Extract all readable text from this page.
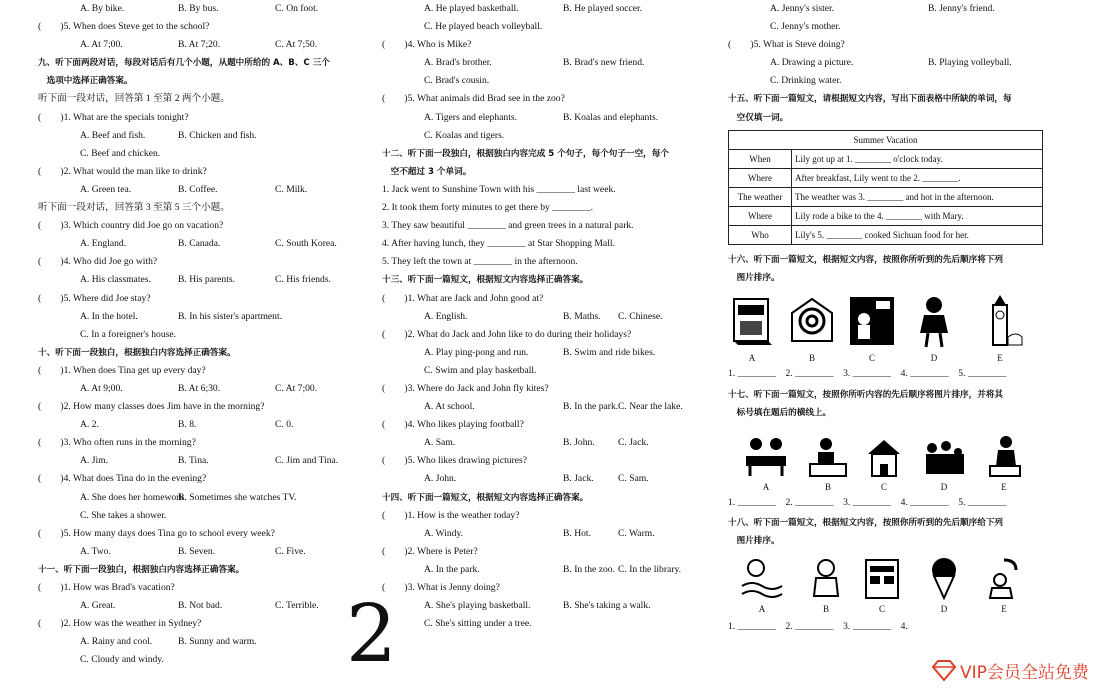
A. By bike.	B. By bus.	C. On foot.
(　　)5. When does Steve get to the school?
A. At 7;00.	B. At 7;20.	C. At 7;50.
九、听下面两段对话，每段对话后有几个小题，从题中所给的 A、B、C 三个
　选项中选择正确答案。
听下面一段对话，回答第 1 至第 2 两个小题。
(　　)1. What are the specials tonight?
A. Beef and fish.	B. Chicken and fish.
C. Beef and chicken.
(　　)2. What would the man like to drink?
A. Green tea.	B. Coffee.	C. Milk.
听下面一段对话，回答第 3 至第 5 三个小题。
(　　)3. Which country did Joe go on vacation?
A. England.	B. Canada.	C. South Korea.
(　　)4. Who did Joe go with?
A. His classmates.	B. His parents.	C. His friends.
(　　)5. Where did Joe stay?
A. In the hotel.	B. In his sister's apartment.
C. In a foreigner's house.
十、听下面一段独白，根据独白内容选择正确答案。
(　　)1. When does Tina get up every day?
A. At 9;00.	B. At 6;30.	C. At 7;00.
(　　)2. How many classes does Jim have in the morning?
A. 2.	B. 8.	C. 0.
(　　)3. Who often runs in the morning?
A. Jim.	B. Tina.	C. Jim and Tina.
(　　)4. What does Tina do in the evening?
A. She does her homework.
B. Sometimes she watches TV.
C. She takes a shower.
(　　)5. How many days does Tina go to school every week?
A. Two.	B. Seven.	C. Five.
十一、听下面一段独白，根据独白内容选择正确答案。
(　　)1. How was Brad's vacation?
A. Great.	B. Not bad.	C. Terrible.
(　　)2. How was the weather in Sydney?
A. Rainy and cool.	B. Sunny and warm.
C. Cloudy and windy.
A. He played basketball.	B. He played soccer.
C. He played beach volleyball.
(　　)4. Who is Mike?
A. Brad's brother.	B. Brad's new friend.
C. Brad's cousin.
(　　)5. What animals did Brad see in the zoo?
A. Tigers and elephants.	B. Koalas and elephants.
C. Koalas and tigers.
十二、听下面一段独白，根据独白内容完成 5 个句子，每个句子一空，每个
　空不超过 3 个单词。
1. Jack went to Sunshine Town with his ________ last week.
2. It took them forty minutes to get there by ________.
3. They saw beautiful ________ and green trees in a natural park.
4. After having lunch, they ________ at Star Shopping Mall.
5. They left the town at ________ in the afternoon.
十三、听下面一篇短文，根据短文内容选择正确答案。
(　　)1. What are Jack and John good at?
A. English.	B. Maths. C. Chinese.
(　　)2. What do Jack and John like to do during their holidays?
A. Play ping-pong and run.	B. Swim and ride bikes.
C. Swim and play basketball.
(　　)3. Where do Jack and John fly kites?
A. At school.	B. In the park. C. Near the lake.
(　　)4. Who likes playing football?
A. Sam.	B. John. C. Jack.
(　　)5. Who likes drawing pictures?
A. John.	B. Jack.	C. Sam.
十四、听下面一篇短文，根据短文内容选择正确答案。
(　　)1. How is the weather today?
A. Windy.	B. Hot.	C. Warm.
(　　)2. Where is Peter?
A. In the park.	B. In the zoo. C. In the library.
(　　)3. What is Jenny doing?
A. She's playing basketball.	B. She's taking a walk.
C. She's sitting under a tree.
A. Jenny's sister.	B. Jenny's friend.
C. Jenny's mother.
(　　)5. What is Steve doing?
A. Drawing a picture.	B. Playing volleyball.
C. Drinking water.
十五、听下面一篇短文，请根据短文内容，写出下面表格中所缺的单词，每
　空仅填一词。
Summer Vacation	
When	Lily got up at 1. ________ o'clock today.
Where	After breakfast, Lily went to the 2. ________.
The weather	The weather was 3. ________ and hot in the afternoon.
Where	Lily rode a bike to the 4. ________ with Mary.
Who	Lily's 5. ________ cooked Sichuan food for her.
十六、听下面一篇短文，根据短文内容，按照你所听到的先后顺序将下列
　图片排序。
A	B	C	D	E
1. ________　2. ________　3. ________　4. ________　5. ________
十七、听下面一篇短文，按照你所听内容的先后顺序将图片排序，并将其
　标号填在题后的横线上。
A	B	C	D	E
1. ________　2. ________　3. ________　4. ________　5. ________
十八、听下面一篇短文，根据短文内容，按照你所听到的先后顺序给下列
　图片排序。
A	B	C	D	E
1. ________　2. ________　3. ________　4.
2	VIP会员全站免费
